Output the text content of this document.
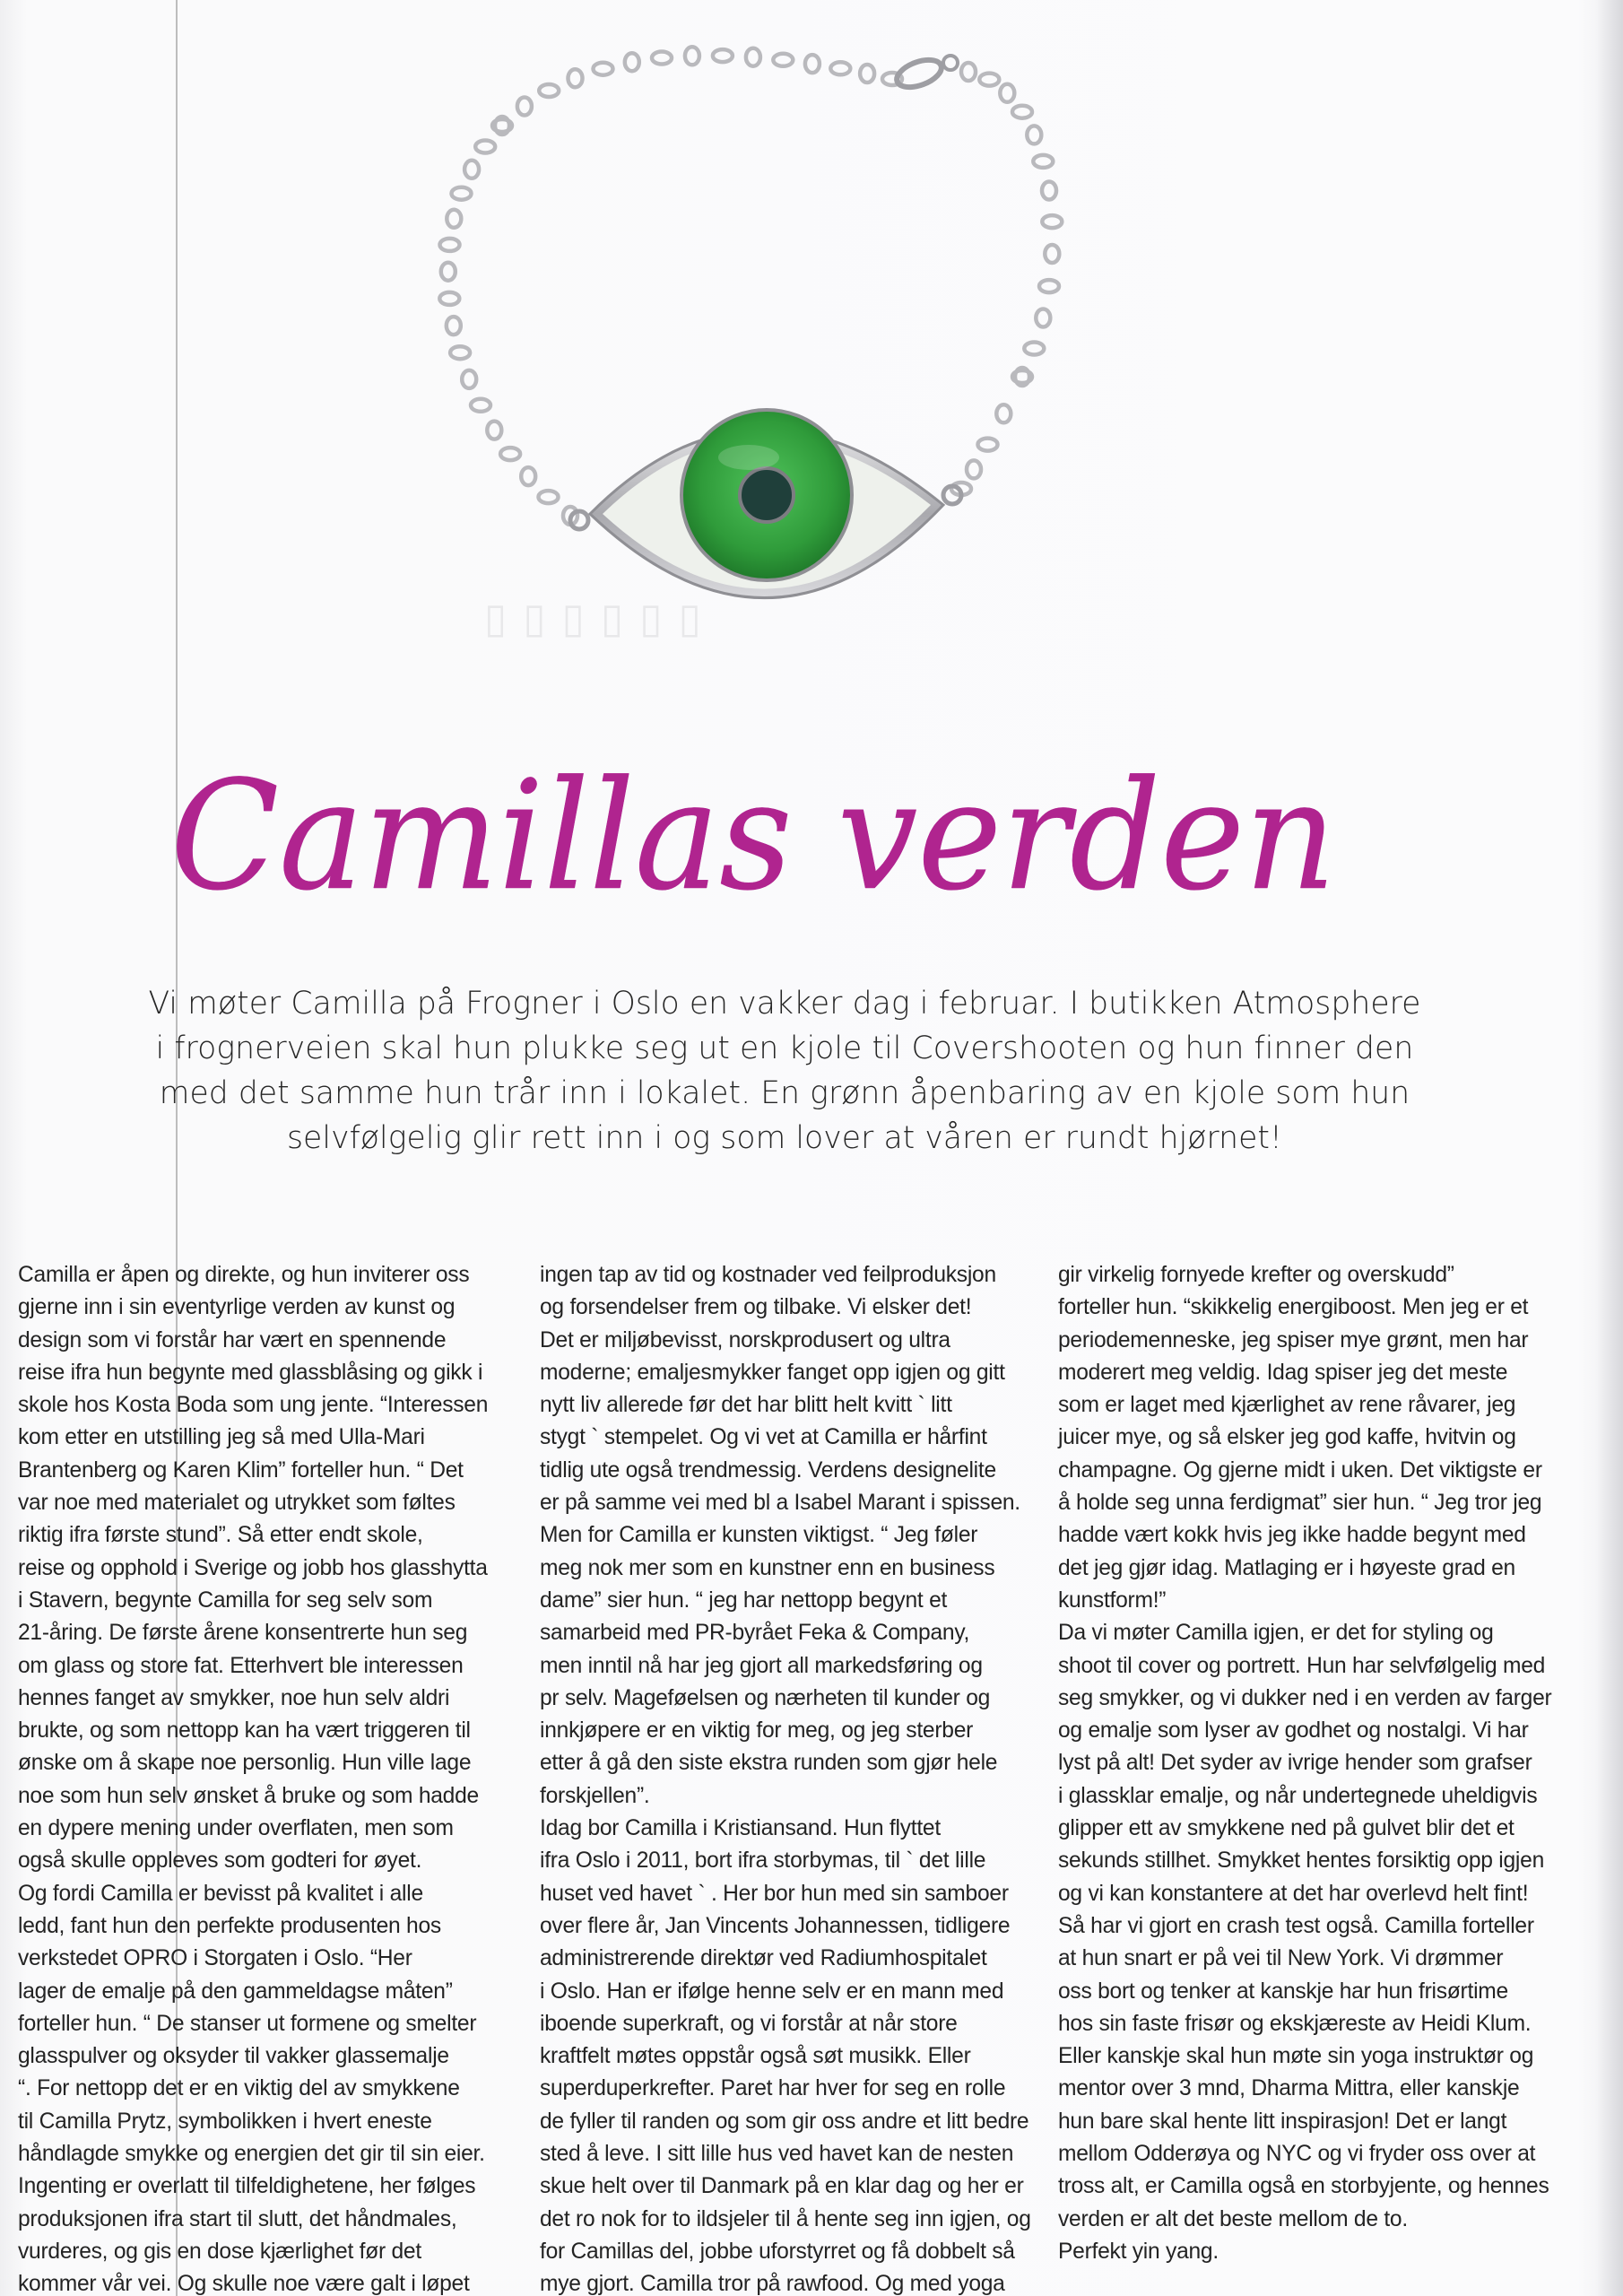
▯▯▯▯▯▯
Camillas verden
Vi møter Camilla på Frogner i Oslo en vakker dag i februar. I butikken Atmosphere
i frognerveien skal hun plukke seg ut en kjole til Covershooten og hun finner den
med det samme hun trår inn i lokalet. En grønn åpenbaring av en kjole som hun
selvfølgelig glir rett inn i og som lover at våren er rundt hjørnet!
Camilla er åpen og direkte, og hun inviterer oss
gjerne inn i sin eventyrlige verden av kunst og
design som vi forstår har vært en spennende
reise ifra hun begynte med glassblåsing og gikk i
skole hos Kosta Boda som ung jente. “Interessen
kom etter en utstilling jeg så med Ulla-Mari
Brantenberg og Karen Klim” forteller hun. “ Det
var noe med materialet og utrykket som føltes
riktig ifra første stund”. Så etter endt skole,
reise og opphold i Sverige og jobb hos glasshytta
i Stavern, begynte Camilla for seg selv som
21-åring. De første årene konsentrerte hun seg
om glass og store fat. Etterhvert ble interessen
hennes fanget av smykker, noe hun selv aldri
brukte, og som nettopp kan ha vært triggeren til
ønske om å skape noe personlig. Hun ville lage
noe som hun selv ønsket å bruke og som hadde
en dypere mening under overflaten, men som
også skulle oppleves som godteri for øyet.
Og fordi Camilla er bevisst på kvalitet i alle
ledd, fant hun den perfekte produsenten hos
verkstedet OPRO i Storgaten i Oslo. “Her
lager de emalje på den gammeldagse måten”
forteller hun. “ De stanser ut formene og smelter
glasspulver og oksyder til vakker glassemalje
“. For nettopp det er en viktig del av smykkene
til Camilla Prytz, symbolikken i hvert eneste
håndlagde smykke og energien det gir til sin eier.
Ingenting er overlatt til tilfeldighetene, her følges
produksjonen ifra start til slutt, det håndmales,
vurderes, og gis en dose kjærlighet før det
kommer vår vei. Og skulle noe være galt i løpet
ingen tap av tid og kostnader ved feilproduksjon
og forsendelser frem og tilbake. Vi elsker det!
Det er miljøbevisst, norskprodusert og ultra
moderne; emaljesmykker fanget opp igjen og gitt
nytt liv allerede før det har blitt helt kvitt ` litt
stygt ` stempelet. Og vi vet at Camilla er hårfint
tidlig ute også trendmessig. Verdens designelite
er på samme vei med bl a Isabel Marant i spissen.
Men for Camilla er kunsten viktigst. “ Jeg føler
meg nok mer som en kunstner enn en business
dame” sier hun. “ jeg har nettopp begynt et
samarbeid med PR-byrået Feka & Company,
men inntil nå har jeg gjort all markedsføring og
pr selv. Mageføelsen og nærheten til kunder og
innkjøpere er en viktig for meg, og jeg sterber
etter å gå den siste ekstra runden som gjør hele
forskjellen”.
Idag bor Camilla i Kristiansand. Hun flyttet
ifra Oslo i 2011, bort ifra storbymas, til ` det lille
huset ved havet ` . Her bor hun med sin samboer
over flere år, Jan Vincents Johannessen, tidligere
administrerende direktør ved Radiumhospitalet
i Oslo. Han er ifølge henne selv er en mann med
iboende superkraft, og vi forstår at når store
kraftfelt møtes oppstår også søt musikk. Eller
superduperkrefter. Paret har hver for seg en rolle
de fyller til randen og som gir oss andre et litt bedre
sted å leve. I sitt lille hus ved havet kan de nesten
skue helt over til Danmark på en klar dag og her er
det ro nok for to ildsjeler til å hente seg inn igjen, og
for Camillas del, jobbe uforstyrret og få dobbelt så
mye gjort. Camilla tror på rawfood. Og med yoga
gir virkelig fornyede krefter og overskudd”
forteller hun. “skikkelig energiboost. Men jeg er et
periodemenneske, jeg spiser mye grønt, men har
moderert meg veldig. Idag spiser jeg det meste
som er laget med kjærlighet av rene råvarer, jeg
juicer mye, og så elsker jeg god kaffe, hvitvin og
champagne. Og gjerne midt i uken. Det viktigste er
å holde seg unna ferdigmat” sier hun. “ Jeg tror jeg
hadde vært kokk hvis jeg ikke hadde begynt med
det jeg gjør idag. Matlaging er i høyeste grad en
kunstform!”
Da vi møter Camilla igjen, er det for styling og
shoot til cover og portrett. Hun har selvfølgelig med
seg smykker, og vi dukker ned i en verden av farger
og emalje som lyser av godhet og nostalgi. Vi har
lyst på alt! Det syder av ivrige hender som grafser
i glassklar emalje, og når undertegnede uheldigvis
glipper ett av smykkene ned på gulvet blir det et
sekunds stillhet. Smykket hentes forsiktig opp igjen
og vi kan konstantere at det har overlevd helt fint!
Så har vi gjort en crash test også. Camilla forteller
at hun snart er på vei til New York. Vi drømmer
oss bort og tenker at kanskje har hun frisørtime
hos sin faste frisør og ekskjæreste av Heidi Klum.
Eller kanskje skal hun møte sin yoga instruktør og
mentor over 3 mnd, Dharma Mittra, eller kanskje
hun bare skal hente litt inspirasjon! Det er langt
mellom Odderøya og NYC og vi fryder oss over at
tross alt, er Camilla også en storbyjente, og hennes
verden er alt det beste mellom de to.
Perfekt yin yang.
